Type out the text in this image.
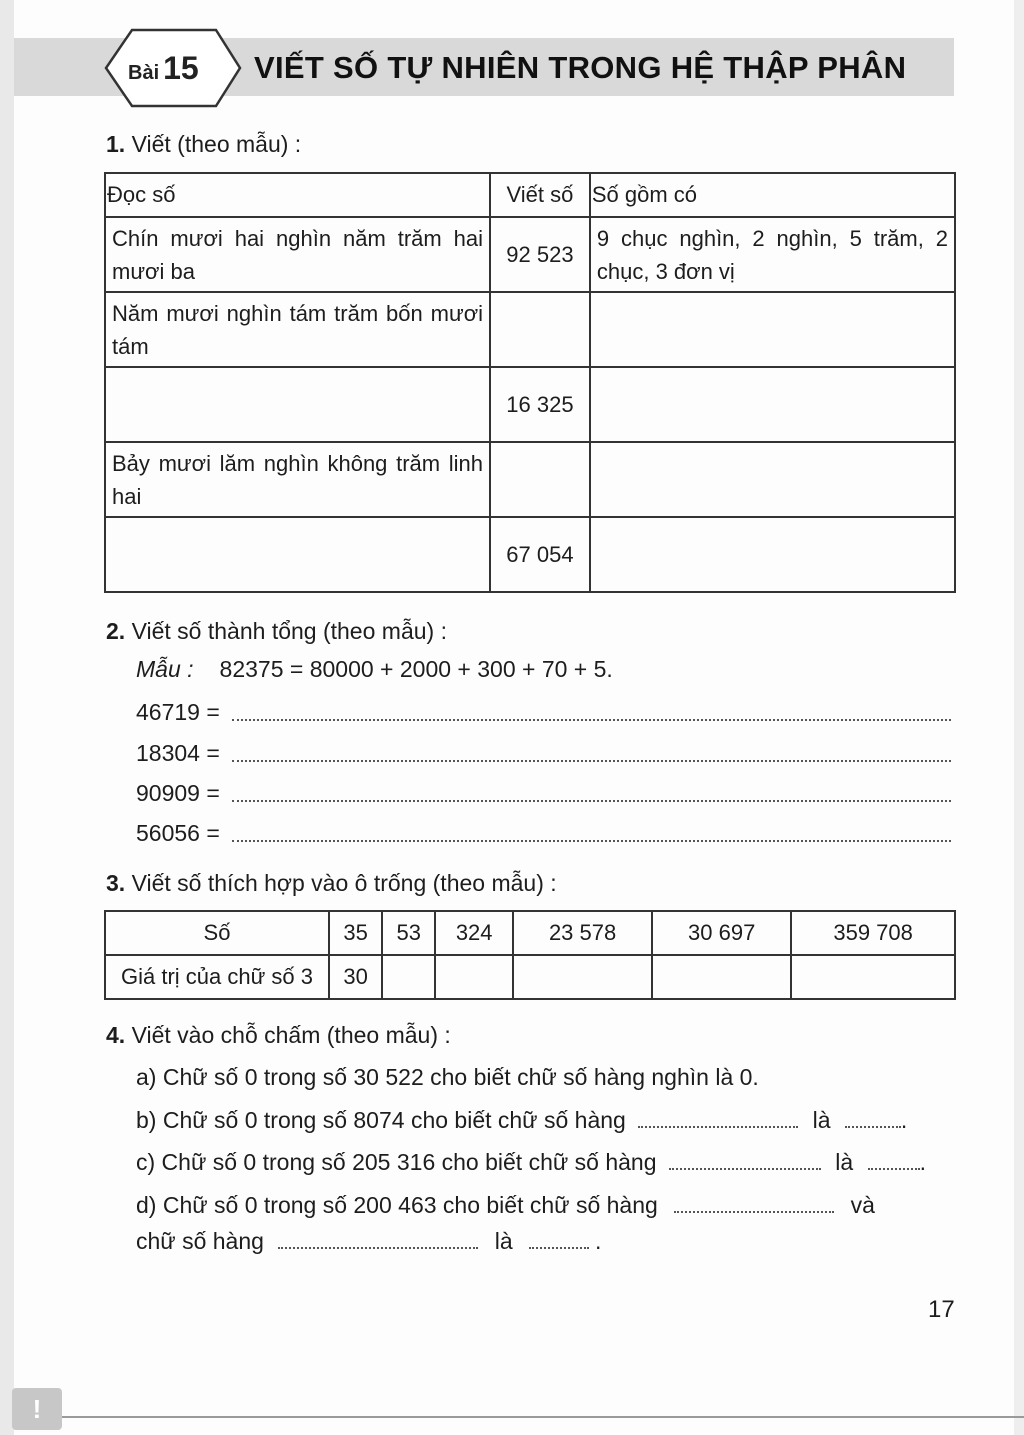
Bài 15 VIẾT SỐ TỰ NHIÊN TRONG HỆ THẬP PHÂN
1. Viết (theo mẫu) :
Đọc số	Viết số	Số gồm có
Chín mươi hai nghìn năm trăm hai mươi ba	92 523	9 chục nghìn, 2 nghìn, 5 trăm, 2 chục, 3 đơn vị
Năm mươi nghìn tám trăm bốn mươi tám		
	16 325	
Bảy mươi lăm nghìn không trăm linh hai		
	67 054	
2. Viết số thành tổng (theo mẫu) :
Mẫu : 82375 = 80000 + 2000 + 300 + 70 + 5.
46719 =
18304 =
90909 =
56056 =
3. Viết số thích hợp vào ô trống (theo mẫu) :
Số	35	53	324	23 578	30 697	359 708
Giá trị của chữ số 3	30					
4. Viết vào chỗ chấm (theo mẫu) :
a) Chữ số 0 trong số 30 522 cho biết chữ số hàng nghìn là 0.
b) Chữ số 0 trong số 8074 cho biết chữ số hàng	là	.
c) Chữ số 0 trong số 205 316 cho biết chữ số hàng	là	.
d) Chữ số 0 trong số 200 463 cho biết chữ số hàng	và
chữ số hàng	là	.
17
!
